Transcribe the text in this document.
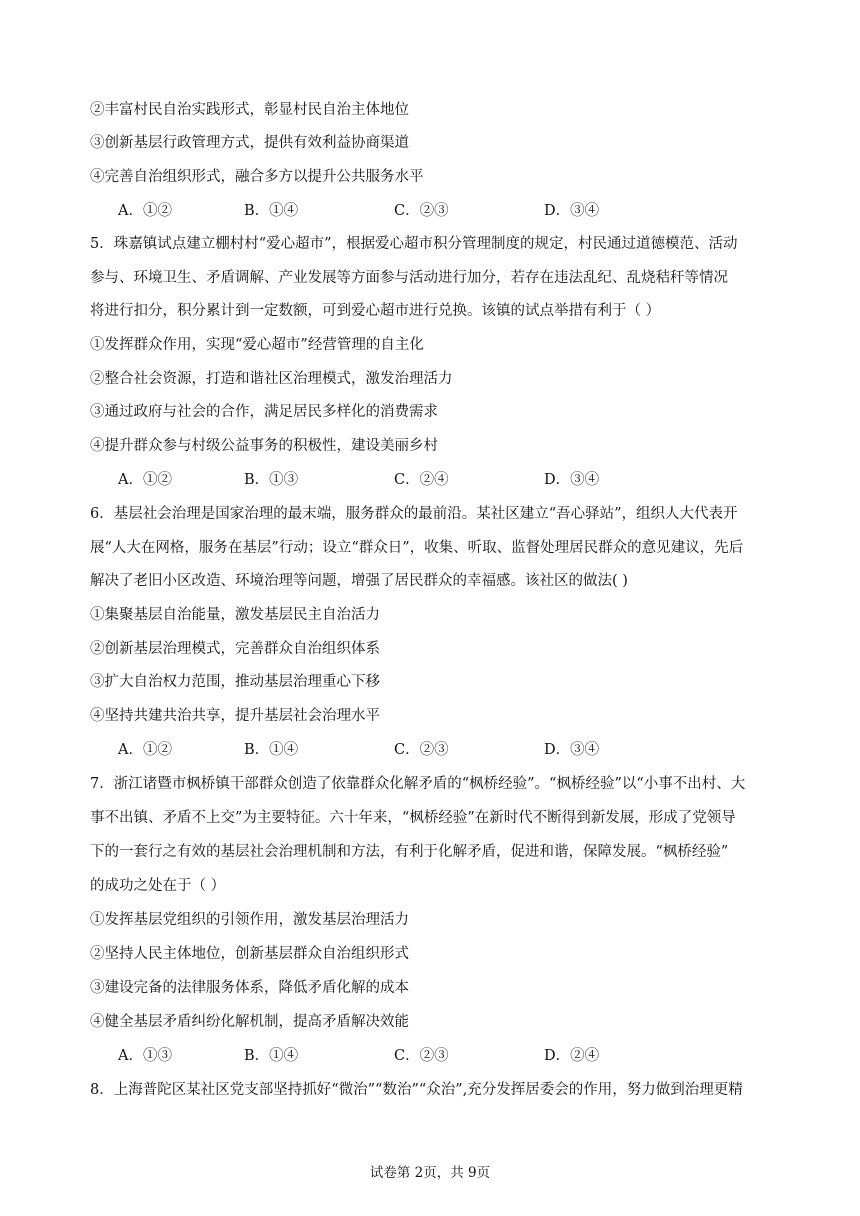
②丰富村民自治实践形式，彰显村民自治主体地位
③创新基层行政管理方式，提供有效利益协商渠道
④完善自治组织形式，融合多方以提升公共服务水平
A．①②	B．①④	C．②③	D．③④
5．珠嘉镇试点建立棚村村“爱心超市”，根据爱心超市积分管理制度的规定，村民通过道德模范、活动
参与、环境卫生、矛盾调解、产业发展等方面参与活动进行加分，若存在违法乱纪、乱烧秸秆等情况
将进行扣分，积分累计到一定数额，可到爱心超市进行兑换。该镇的试点举措有利于（ ）
①发挥群众作用，实现“爱心超市”经营管理的自主化
②整合社会资源，打造和谐社区治理模式，激发治理活力
③通过政府与社会的合作，满足居民多样化的消费需求
④提升群众参与村级公益事务的积极性，建设美丽乡村
A．①②	B．①③	C．②④	D．③④
6．基层社会治理是国家治理的最末端，服务群众的最前沿。某社区建立“吾心驿站”，组织人大代表开
展“人大在网格，服务在基层”行动；设立“群众日”，收集、听取、监督处理居民群众的意见建议，先后
解决了老旧小区改造、环境治理等问题，增强了居民群众的幸福感。该社区的做法( )
①集聚基层自治能量，激发基层民主自治活力
②创新基层治理模式，完善群众自治组织体系
③扩大自治权力范围，推动基层治理重心下移
④坚持共建共治共享，提升基层社会治理水平
A．①②	B．①④	C．②③	D．③④
7．浙江诸暨市枫桥镇干部群众创造了依靠群众化解矛盾的“枫桥经验”。“枫桥经验”以“小事不出村、大
事不出镇、矛盾不上交”为主要特征。六十年来，“枫桥经验”在新时代不断得到新发展，形成了党领导
下的一套行之有效的基层社会治理机制和方法，有利于化解矛盾，促进和谐，保障发展。“枫桥经验”
的成功之处在于（ ）
①发挥基层党组织的引领作用，激发基层治理活力
②坚持人民主体地位，创新基层群众自治组织形式
③建设完备的法律服务体系，降低矛盾化解的成本
④健全基层矛盾纠纷化解机制，提高矛盾解决效能
A．①③	B．①④	C．②③	D．②④
8．上海普陀区某社区党支部坚持抓好“微治”“数治”“众治”,充分发挥居委会的作用，努力做到治理更精
试卷第 2页，共 9页
